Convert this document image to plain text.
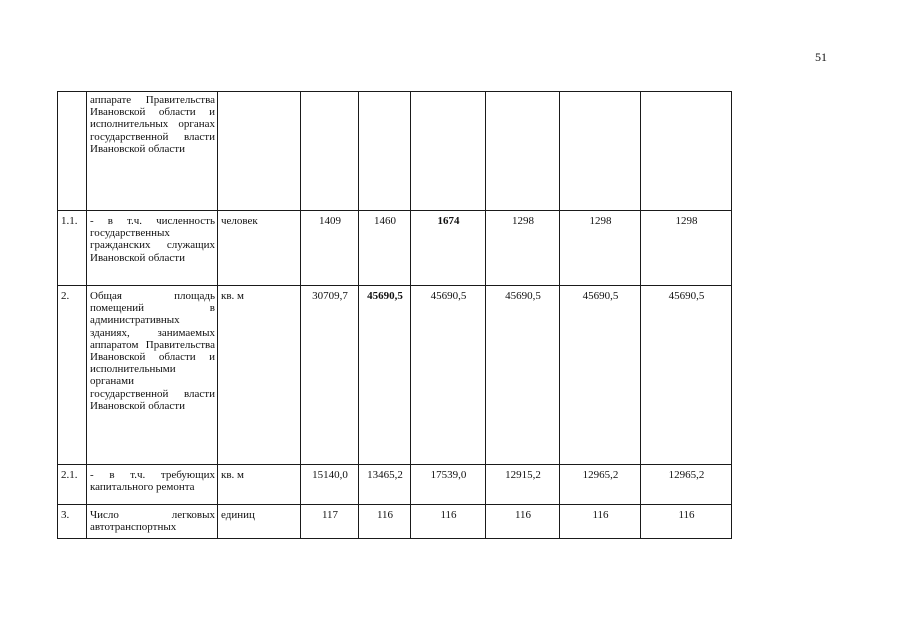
51
	аппарате Правительства Ивановской области и исполнительных органах государственной власти Ивановской области							
1.1.	- в т.ч. численность государственных гражданских служащих Ивановской области	человек	1409	1460	1674	1298	1298	1298
2.	Общая площадь помещений в административных зданиях, занимаемых аппаратом Правительства Ивановской области и исполнительными органами государственной власти Ивановской области	кв. м	30709,7	45690,5	45690,5	45690,5	45690,5	45690,5
2.1.	- в т.ч. требующих капитального ремонта	кв. м	15140,0	13465,2	17539,0	12915,2	12965,2	12965,2
3.	Число легковых автотранспортных	единиц	117	116	116	116	116	116
